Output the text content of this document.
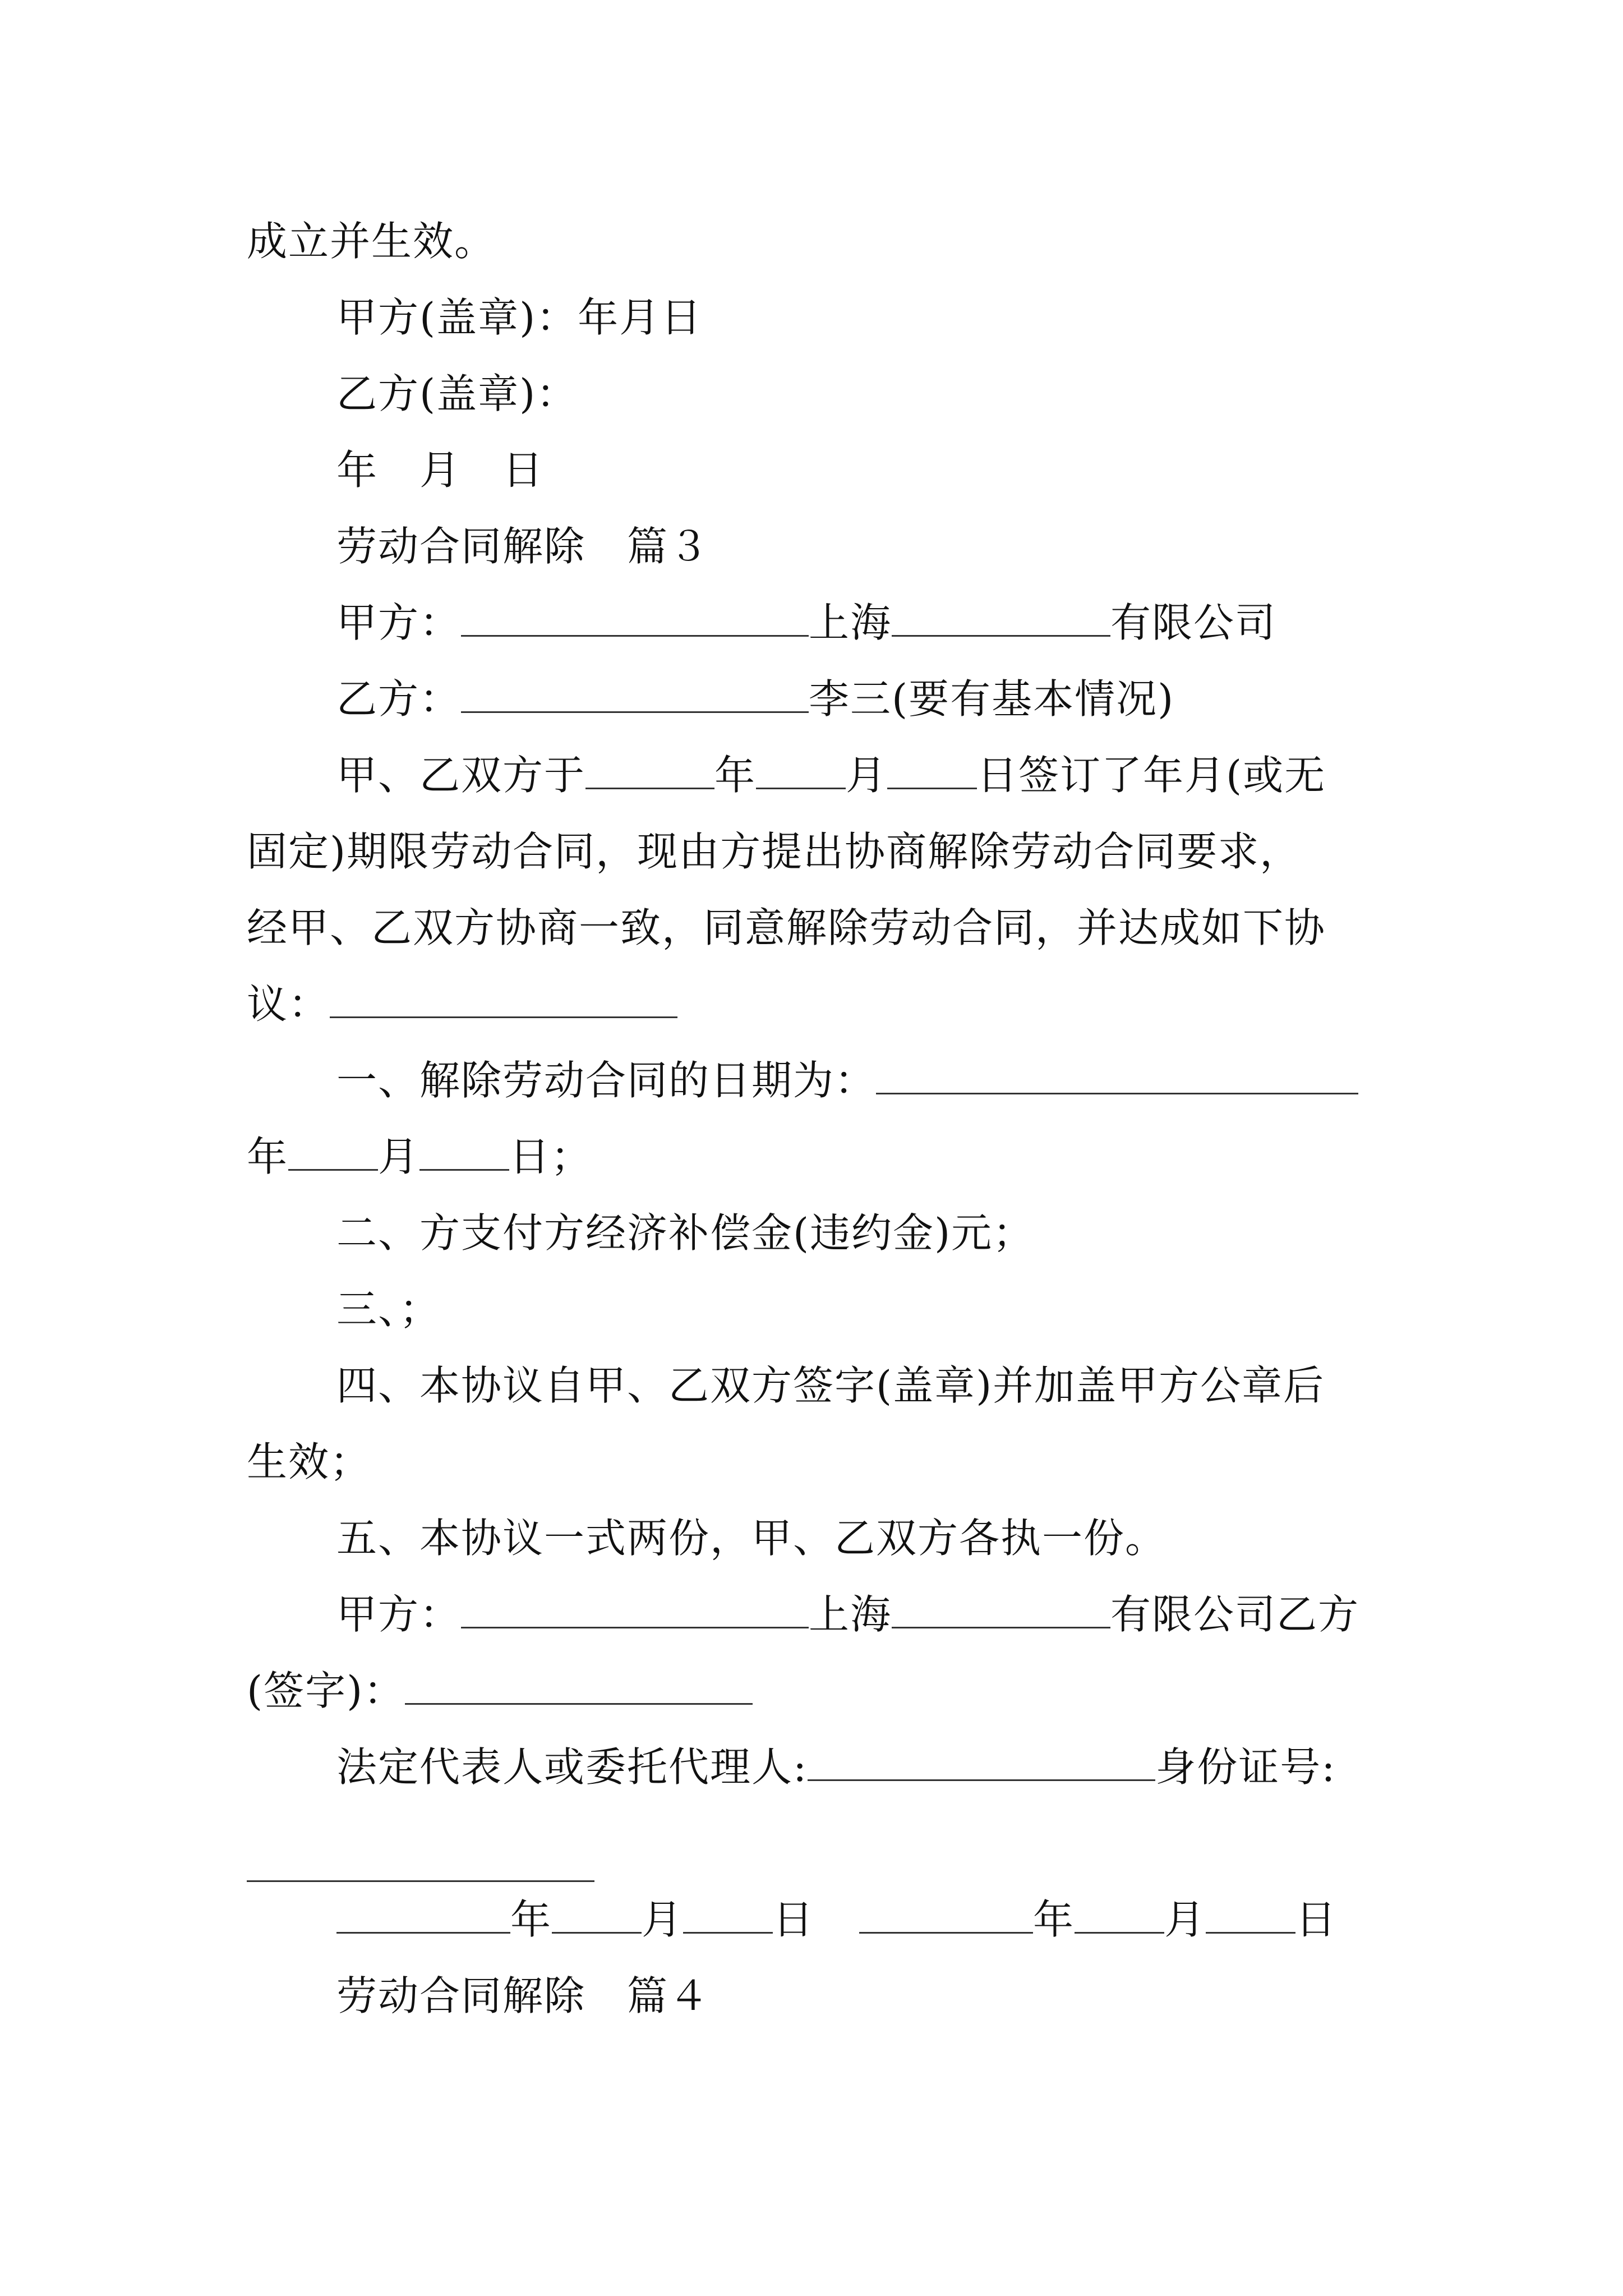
成立并生效。
甲方(盖章)：年月日
乙方(盖章)：
年　月　日
劳动合同解除　篇３
甲方：	上海	有限公司
乙方：	李三(要有基本情况)
甲、乙双方于	年 月 日签订了年月(或无
固定)期限劳动合同，现由方提出协商解除劳动合同要求，
经甲、乙双方协商一致，同意解除劳动合同，并达成如下协
议：
一、解除劳动合同的日期为：
年 月 日；
二、方支付方经济补偿金(违约金)元；
三、；
四、本协议自甲、乙双方签字(盖章)并加盖甲方公章后
生效；
五、本协议一式两份，甲、乙双方各执一份。
甲方：	上海	有限公司乙方
(签字)：
法定代表人或委托代理人:	身份证号:
年 月 日	年 月 日
劳动合同解除　篇４
